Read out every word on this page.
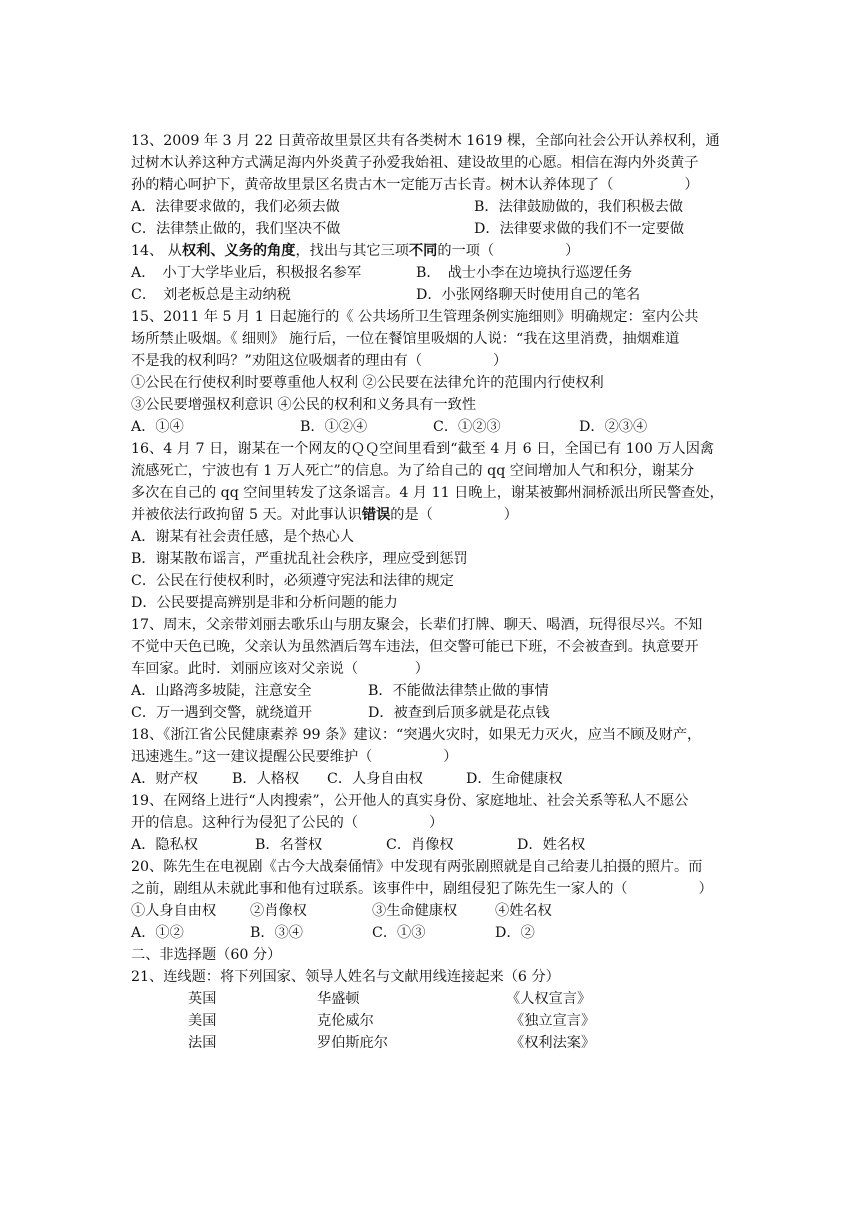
13、2009 年 3 月 22 日黄帝故里景区共有各类树木 1619 棵，全部向社会公开认养权利，通
过树木认养这种方式满足海内外炎黄子孙爱我始祖、建设故里的心愿。相信在海内外炎黄子
孙的精心呵护下，黄帝故里景区名贵古木一定能万古长青。树木认养体现了（　　　　　）
A．法律要求做的，我们必须去做	B．法律鼓励做的，我们积极去做
C．法律禁止做的，我们坚决不做	D．法律要求做的我们不一定要做
14、 从权利、义务的角度，找出与其它三项不同的一项（　　　　　）
A．　小丁大学毕业后，积极报名参军	B．　战士小李在边境执行巡逻任务
C．　刘老板总是主动纳税	D．小张网络聊天时使用自己的笔名
15、2011 年 5 月 1 日起施行的《 公共场所卫生管理条例实施细则》明确规定：室内公共
场所禁止吸烟。《 细则》 施行后，一位在餐馆里吸烟的人说：“我在这里消费，抽烟难道
不是我的权利吗？”劝阻这位吸烟者的理由有（　　　　　）
①公民在行使权利时要尊重他人权利 ②公民要在法律允许的范围内行使权利
③公民要增强权利意识 ④公民的权利和义务具有一致性
A．①④	B．①②④	C．①②③	D．②③④
16、4 月 7 日，谢某在一个网友的ＱＱ空间里看到“截至 4 月 6 日，全国已有 100 万人因禽
流感死亡，宁波也有 1 万人死亡”的信息。为了给自己的 qq 空间增加人气和积分，谢某分
多次在自己的 qq 空间里转发了这条谣言。4 月 11 日晚上，谢某被鄞州洞桥派出所民警查处，
并被依法行政拘留 5 天。对此事认识错误的是（　　　　　）
A．谢某有社会责任感，是个热心人
B．谢某散布谣言，严重扰乱社会秩序，理应受到惩罚
C．公民在行使权利时，必须遵守宪法和法律的规定
D．公民要提高辨别是非和分析问题的能力
17、周末，父亲带刘丽去歌乐山与朋友聚会，长辈们打牌、聊天、喝酒，玩得很尽兴。不知
不觉中天色已晚，父亲认为虽然酒后驾车违法，但交警可能已下班，不会被查到。执意要开
车回家。此时．刘丽应该对父亲说（　　　　）
A．山路湾多坡陡，注意安全	B．不能做法律禁止做的事情
C．万一遇到交警，就绕道开	D．被查到后顶多就是花点钱
18、《浙江省公民健康素养 99 条》建议：“突遇火灾时，如果无力灭火，应当不顾及财产，
迅速逃生。”这一建议提醒公民要维护（　　　　　）
A．财产权 B．人格权 C．人身自由权	D．生命健康权
19、在网络上进行“人肉搜索”，公开他人的真实身份、家庭地址、社会关系等私人不愿公
开的信息。这种行为侵犯了公民的（　　　　　）
A．隐私权	B．名誉权	C．肖像权	D．姓名权
20、陈先生在电视剧《古今大战秦俑情》中发现有两张剧照就是自己给妻儿拍摄的照片。而
之前，剧组从未就此事和他有过联系。该事件中，剧组侵犯了陈先生一家人的（　　　　　）
①人身自由权 ②肖像权	③生命健康权	④姓名权
A．①②	B．③④	C．①③	D．②
二、非选择题（60 分）
21、连线题：将下列国家、领导人姓名与文献用线连接起来（6 分）
英国	华盛顿	《人权宣言》
美国	克伦威尔	《独立宣言》
法国	罗伯斯庇尔	《权利法案》
